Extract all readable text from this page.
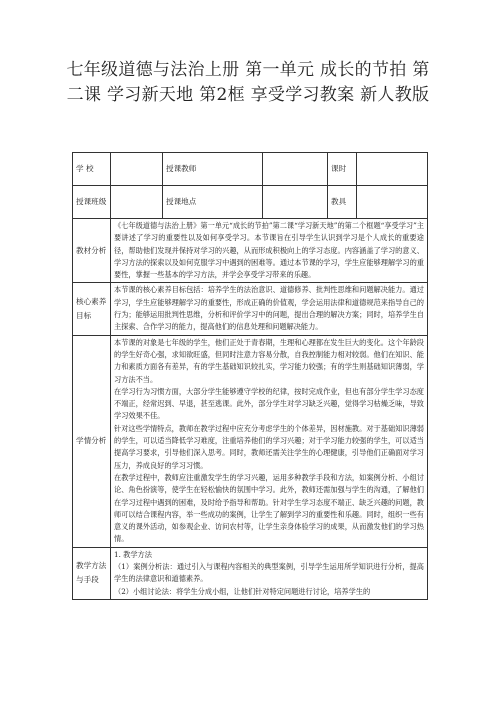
七年级道德与法治上册 第一单元 成长的节拍 第二课 学习新天地 第2框 享受学习教案 新人教版
学 校		授课教师		课时	
授课班级		授课地点		教具	
教材分析	《七年级道德与法治上册》第一单元“成长的节拍”第二课“学习新天地”的第二个框题“享受学习”主要讲述了学习的重要性以及如何享受学习。本节课旨在引导学生认识到学习是个人成长的重要途径，帮助他们发现并保持对学习的兴趣，从而形成积极向上的学习态度。内容涵盖了学习的意义、学习方法的探索以及如何克服学习中遇到的困难等。通过本节课的学习，学生应能够理解学习的重要性，掌握一些基本的学习方法，并学会享受学习带来的乐趣。				

核心素养目标	本节课的核心素养目标包括：培养学生的法治意识、道德修养、批判性思维和问题解决能力。通过学习，学生应能够理解学习的重要性，形成正确的价值观，学会运用法律和道德规范来指导自己的行为；能够运用批判性思维，分析和评价学习中的问题，提出合理的解决方案；同时，培养学生自主探索、合作学习的能力，提高他们的信息处理和问题解决能力。				

学情分析	本节课的对象是七年级的学生，他们正处于青春期，生理和心理都在发生巨大的变化。这个年龄段的学生好奇心强，求知欲旺盛，但同时注意力容易分散，自我控制能力相对较弱。他们在知识、能力和素质方面各有差异，有的学生基础知识较扎实，学习能力较强；有的学生则基础知识薄弱，学习方法不当。

在学习行为习惯方面，大部分学生能够遵守学校的纪律，按时完成作业，但也有部分学生学习态度不端正，经常迟到、早退，甚至逃课。此外，部分学生对学习缺乏兴趣，觉得学习枯燥乏味，导致学习效果不佳。

针对这些学情特点，教师在教学过程中应充分考虑学生的个体差异，因材施教。对于基础知识薄弱的学生，可以适当降低学习难度，注重培养他们的学习兴趣；对于学习能力较强的学生，可以适当提高学习要求，引导他们深入思考。同时，教师还需关注学生的心理健康，引导他们正确面对学习压力，养成良好的学习习惯。

在教学过程中，教师应注重激发学生的学习兴趣，运用多种教学手段和方法，如案例分析、小组讨论、角色扮演等，使学生在轻松愉快的氛围中学习。此外，教师还需加强与学生的沟通，了解他们在学习过程中遇到的困难，及时给予指导和帮助。针对学生学习态度不端正、缺乏兴趣的问题，教师可以结合课程内容，举一些成功的案例，让学生了解到学习的重要性和乐趣。同时，组织一些有意义的课外活动，如参观企业、访问农村等，让学生亲身体验学习的成果，从而激发他们的学习热情。				

教学方法与手段	1. 教学方法

（1）案例分析法：通过引入与课程内容相关的典型案例，引导学生运用所学知识进行分析，提高学生的法律意识和道德素养。

（2）小组讨论法：将学生分成小组，让他们针对特定问题进行讨论，培养学生的				
